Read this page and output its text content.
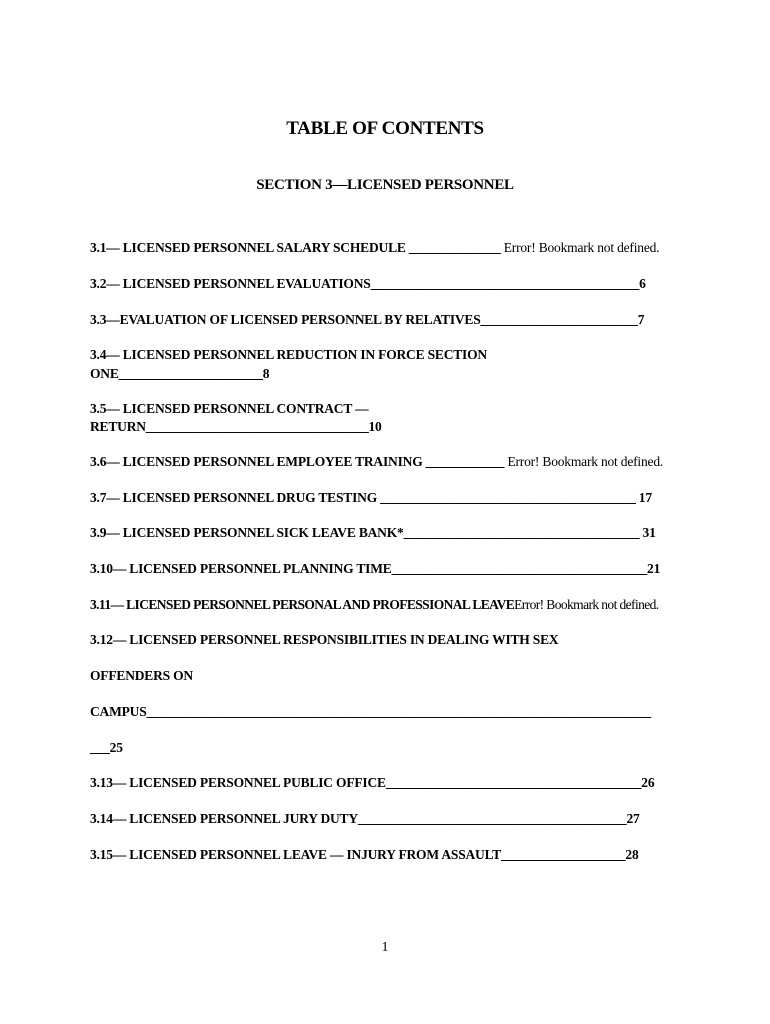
TABLE OF CONTENTS
SECTION 3—LICENSED PERSONNEL
3.1— LICENSED PERSONNEL SALARY SCHEDULE ______________ Error! Bookmark not defined.
3.2— LICENSED PERSONNEL EVALUATIONS_________________________________________6
3.3—EVALUATION OF LICENSED PERSONNEL BY RELATIVES________________________7
3.4— LICENSED PERSONNEL REDUCTION IN FORCE SECTION
ONE______________________8
3.5— LICENSED PERSONNEL CONTRACT —
RETURN__________________________________10
3.6— LICENSED PERSONNEL EMPLOYEE TRAINING ____________ Error! Bookmark not defined.
3.7— LICENSED PERSONNEL DRUG TESTING _______________________________________ 17
3.9— LICENSED PERSONNEL SICK LEAVE BANK*____________________________________ 31
3.10— LICENSED PERSONNEL PLANNING TIME_______________________________________21
3.11— LICENSED PERSONNEL PERSONAL AND PROFESSIONAL LEAVEError! Bookmark not defined.
3.12— LICENSED PERSONNEL RESPONSIBILITIES IN DEALING WITH SEX
OFFENDERS ON
CAMPUS_____________________________________________________________________________
___25
3.13— LICENSED PERSONNEL PUBLIC OFFICE_______________________________________26
3.14— LICENSED PERSONNEL JURY DUTY_________________________________________27
3.15— LICENSED PERSONNEL LEAVE — INJURY FROM ASSAULT___________________28
1
